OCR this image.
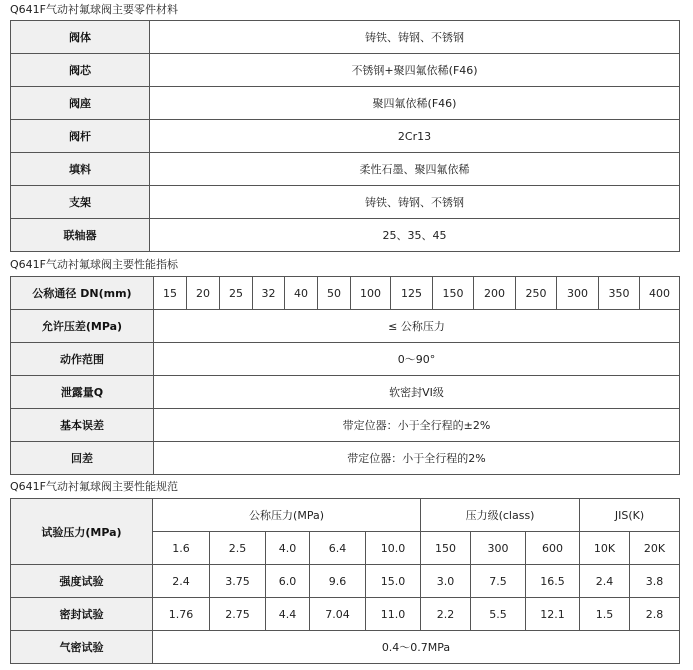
Q641F气动衬氟球阀主要零件材料
阀体	铸铁、铸钢、不锈钢
阀芯	不锈钢+聚四氟依稀(F46)
阀座	聚四氟依稀(F46)
阀杆	2Cr13
填料	柔性石墨、聚四氟依稀
支架	铸铁、铸钢、不锈钢
联轴器	25、35、45
Q641F气动衬氟球阀主要性能指标
公称通径 DN(mm)	15	20	25	32	40	50	100	125	150	200	250	300	350	400
允许压差(MPa)	≤ 公称压力													
动作范围	0～90°													
泄露量Q	软密封VI级													
基本误差	带定位器：小于全行程的±2%													
回差	带定位器：小于全行程的2%													
Q641F气动衬氟球阀主要性能规范
试验压力(MPa)	公称压力(MPa)					压力级(class)			JIS(K)	
	1.6	2.5	4.0	6.4	10.0	150	300	600	10K	20K
强度试验	2.4	3.75	6.0	9.6	15.0	3.0	7.5	16.5	2.4	3.8
密封试验	1.76	2.75	4.4	7.04	11.0	2.2	5.5	12.1	1.5	2.8
气密试验	0.4～0.7MPa									
